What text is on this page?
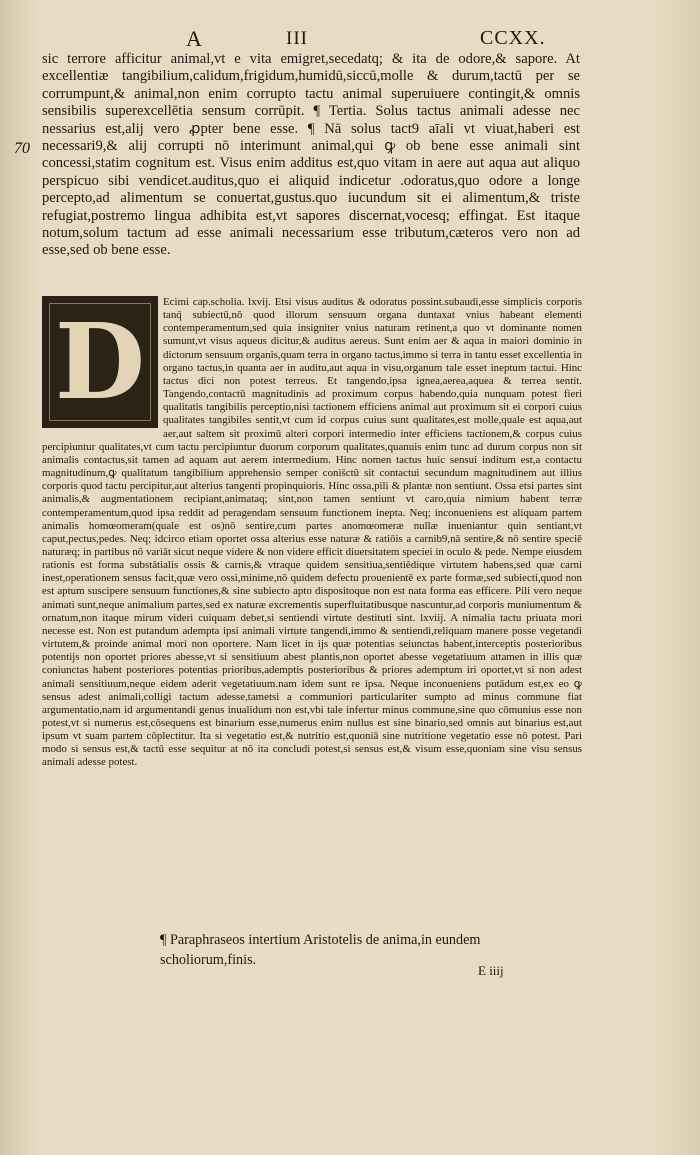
A	III	CCXX.
70

sic terrore afficitur animal,vt e vita emigret,secedatq; & ita de odore,& sapore. At excellentiæ tangibilium,calidum,frigidum,humidū,siccū,molle & durum,tactū per se corrumpunt,& animal,non enim corrupto tactu animal superuiuere contingit,& omnis sensibilis superexcellētia sensum corrūpit. ¶ Tertia. Solus tactus animali adesse nec nessarius est,alij vero ꝓpter bene esse. ¶ Nā solus tact9 aīali vt viuat,haberi est necessari9,& alij corrupti nō interimunt animal,qui ꝙ ob bene esse animali sint concessi,statim cognitum est. Visus enim additus est,quo vitam in aere aut aqua aut aliquo perspicuo sibi vendicet.auditus,quo ei aliquid indicetur .odoratus,quo odore a longe percepto,ad alimentum se conuertat,gustus.quo iucundum sit ei alimentum,& triste refugiat,postremo lingua adhibita est,vt sapores discernat,vocesq; effingat. Est itaque notum,solum tactum ad esse animali necessarium esse tributum,cæteros vero non ad esse,sed ob bene esse.

D	Ecimi cap.scholia. lxvij. Etsi visus auditus & odoratus possint.subaudi,esse simplicis corporis tanq̄ subiectū,nō quod illorum sensuum organa duntaxat vnius habeant elementi contemperamentum,sed quia insigniter vnius naturam retinent,a quo vt dominante nomen sumunt,vt visus aqueus dicitur,& auditus aereus. Sunt enim aer & aqua in maiori dominio in dictorum sensuum organis,quam terra in organo tactus,immo si terra in tantu esset excellentia in organo tactus,in quanta aer in auditu,aut aqua in visu,organum tale esset ineptum tactui. Hinc tactus dici non potest terreus. Et tangendo,ipsa ignea,aerea,aquea & terrea sentit. Tangendo,contactū magnitudinis ad proximum corpus habendo,quia nunquam potest fieri qualitatis tangibilis perceptio,nisi tactionem efficiens animal aut proximum sit ei corpori cuius qualitates tangibiles sentit,vt cum id corpus cuius sunt qualitates,est molle,quale est aqua,aut aer,aut saltem sit proximū alteri corpori intermedio inter efficiens tactionem,& corpus cuius percipiuntur qualitates,vt cum tactu percipiuntur duorum corporum qualitates,quanuis enim tunc ad durum corpus non sit animalis contactus,sit tamen ad aquam aut aerem intermedium. Hinc nomen tactus huic sensui inditum est,a contactu magnitudinum,ꝙ qualitatum tangibilium apprehensio semper conis̄ctū sit contactui secundum magnitudinem aut illius corporis quod tactu percipitur,aut alterius tangenti propinquioris. Hinc ossa,pili & plantæ non sentiunt. Ossa etsi partes sint animalis,& augmentationem recipiant,animataq; sint,non tamen sentiunt vt caro,quia nimium habent terræ contemperamentum,quod ipsa reddit ad peragendam sensuum functionem inepta. Neq; inconueniens est aliquam partem animalis homœomeram(quale est os)nō sentire,cum partes anomœomeræ nullæ inueniantur quin sentiant,vt caput,pectus,pedes. Neq; idcirco etiam oportet ossa alterius esse naturæ & ratiōis a carnib9,nā sentire,& nō sentire speciē naturæq; in partibus nō variāt sicut neque videre & non videre efficit diuersitatem speciei in oculo & pede. Nempe eiusdem rationis est forma substātialis ossis & carnis,& vtraque quidem sensitiua,sentiēdique virtutem habens,sed quæ carni inest,operationem sensus facit,quæ vero ossi,minime,nō quidem defectu prouenientē ex parte formæ,sed subiecti,quod non est aptum suscipere sensuum functiones,& sine subiecto apto dispositoque non est nata forma eas efficere. Pili vero neque animati sunt,neque animalium partes,sed ex naturæ excrementis superfluitatibusque nascuntur,ad corporis muniumentum & ornatum,non itaque mirum videri cuiquam debet,si sentiendi virtute destituti sint. lxviij. A nimalia tactu priuata mori necesse est. Non est putandum adempta ipsi animali virtute tangendi,immo & sentiendi,reliquam manere posse vegetandi virtutem,& proinde animal mori non oportere. Nam licet in ijs quæ potentias seiunctas habent,interceptis posterioribus potentijs non oportet priores abesse,vt si sensitiuum abest plantis,non oportet abesse vegetatiuum attamen in illis quæ coniunctas habent posteriores potentias prioribus,ademptis posterioribus & priores ademptum iri oportet,vt si non adest animali sensitiuum,neque eidem aderit vegetatiuum.nam idem sunt re ipsa. Neque inconueniens putādum est,ex eo ꝙ sensus adest animali,colligi tactum adesse,tametsi a communiori particulariter sumpto ad minus commune fiat argumentatio,nam id argumentandi genus inualidum non est,vbi tale infertur minus commune,sine quo cōmunius esse non potest,vt si numerus est,cōsequens est binarium esse,numerus enim nullus est sine binario,sed omnis aut binarius est,aut ipsum vt suam partem cōplectitur. Ita si vegetatio est,& nutritio est,quoniā sine nutritione vegetatio esse nō potest. Pari modo si sensus est,& tactū esse sequitur at nō ita concludi potest,si sensus est,& visum esse,quoniam sine visu sensus animali adesse potest.

¶ Paraphraseos intertium Aristotelis de anima,in eundem scholiorum,finis.

E iiij
